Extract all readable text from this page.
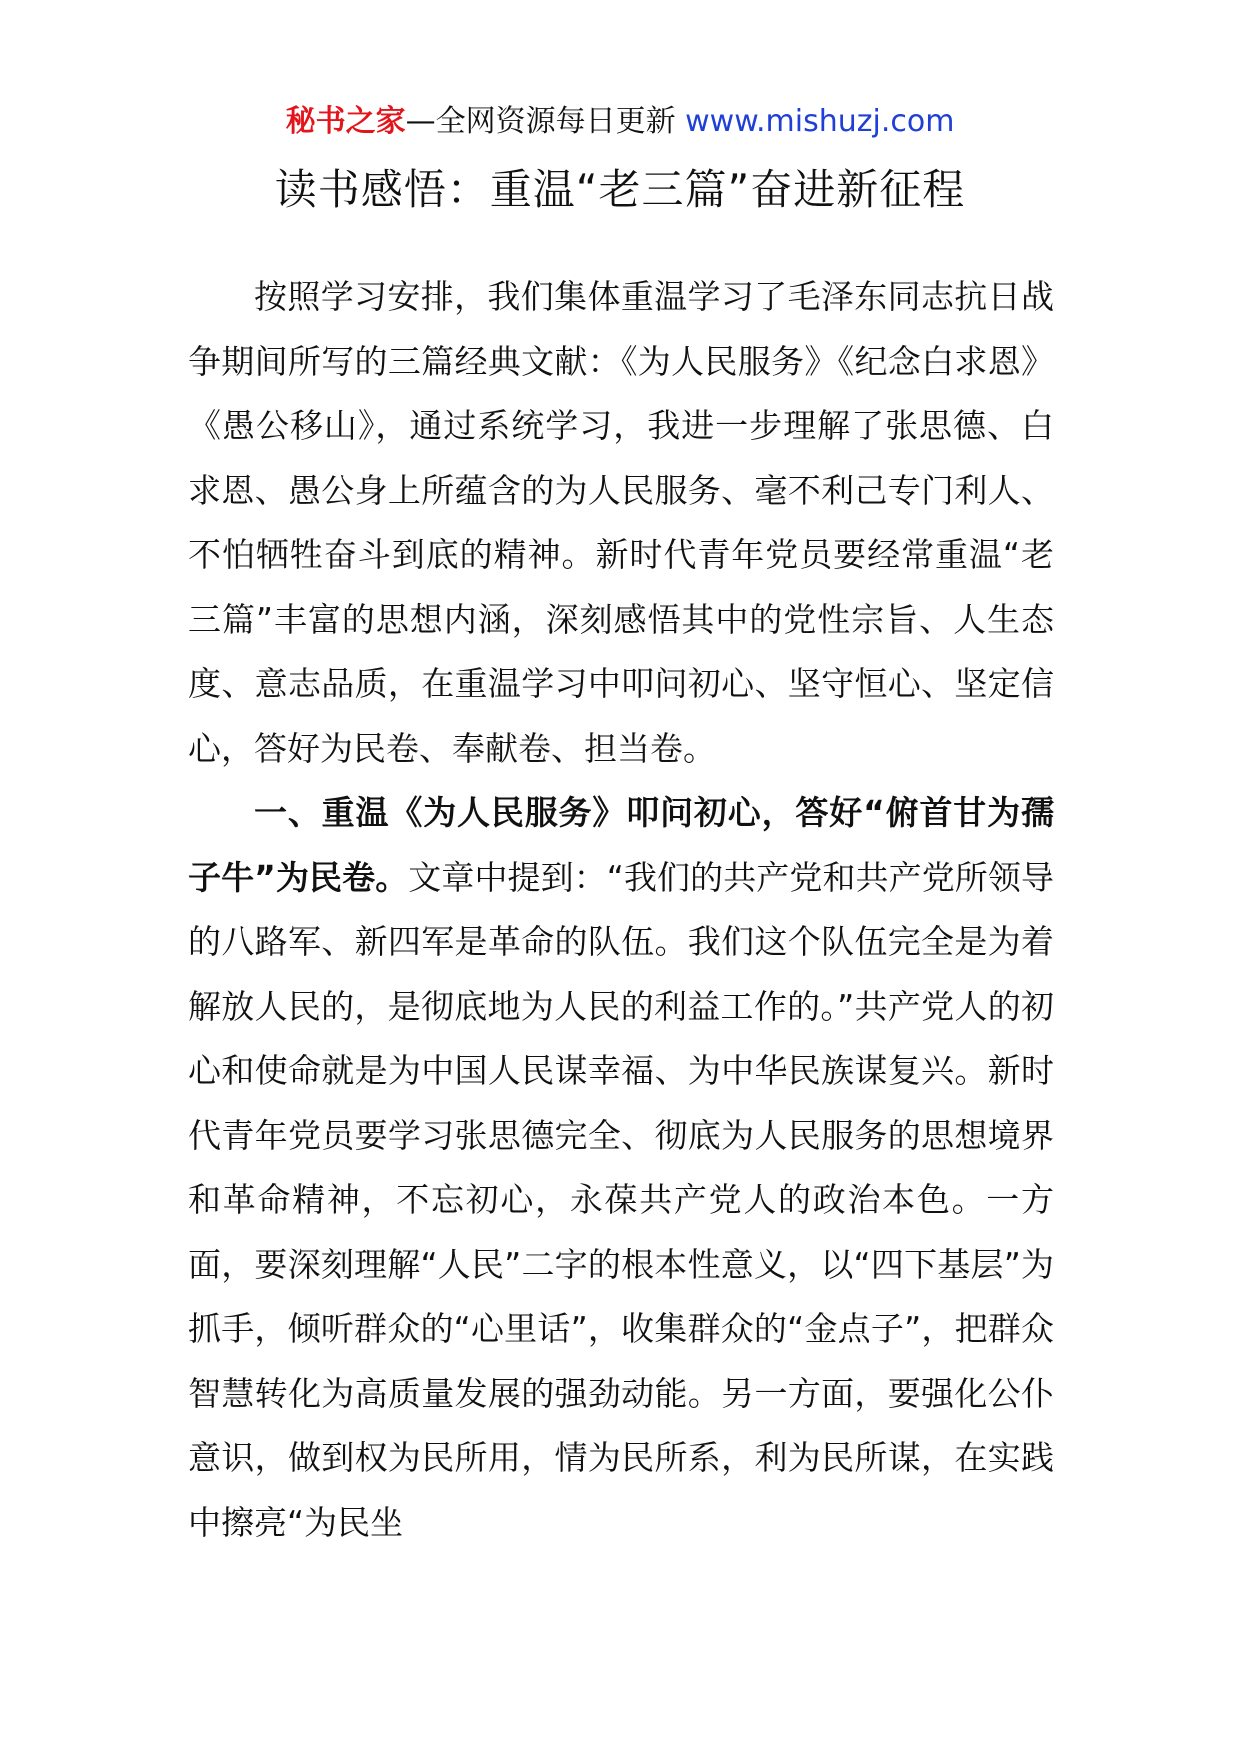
秘书之家—全网资源每日更新 www.mishuzj.com
读书感悟：重温“老三篇”奋进新征程

按照学习安排，我们集体重温学习了毛泽东同志抗日战争期间所写的三篇经典文献：《为人民服务》《纪念白求恩》《愚公移山》，通过系统学习，我进一步理解了张思德、白求恩、愚公身上所蕴含的为人民服务、毫不利己专门利人、不怕牺牲奋斗到底的精神。新时代青年党员要经常重温“老三篇”丰富的思想内涵，深刻感悟其中的党性宗旨、人生态度、意志品质，在重温学习中叩问初心、坚守恒心、坚定信心，答好为民卷、奉献卷、担当卷。

一、重温《为人民服务》叩问初心，答好“俯首甘为孺子牛”为民卷。文章中提到：“我们的共产党和共产党所领导的八路军、新四军是革命的队伍。我们这个队伍完全是为着解放人民的，是彻底地为人民的利益工作的。”共产党人的初心和使命就是为中国人民谋幸福、为中华民族谋复兴。新时代青年党员要学习张思德完全、彻底为人民服务的思想境界和革命精神，不忘初心，永葆共产党人的政治本色。一方面，要深刻理解“人民”二字的根本性意义，以“四下基层”为抓手，倾听群众的“心里话”，收集群众的“金点子”，把群众智慧转化为高质量发展的强劲动能。另一方面，要强化公仆意识，做到权为民所用，情为民所系，利为民所谋，在实践中擦亮“为民坐
